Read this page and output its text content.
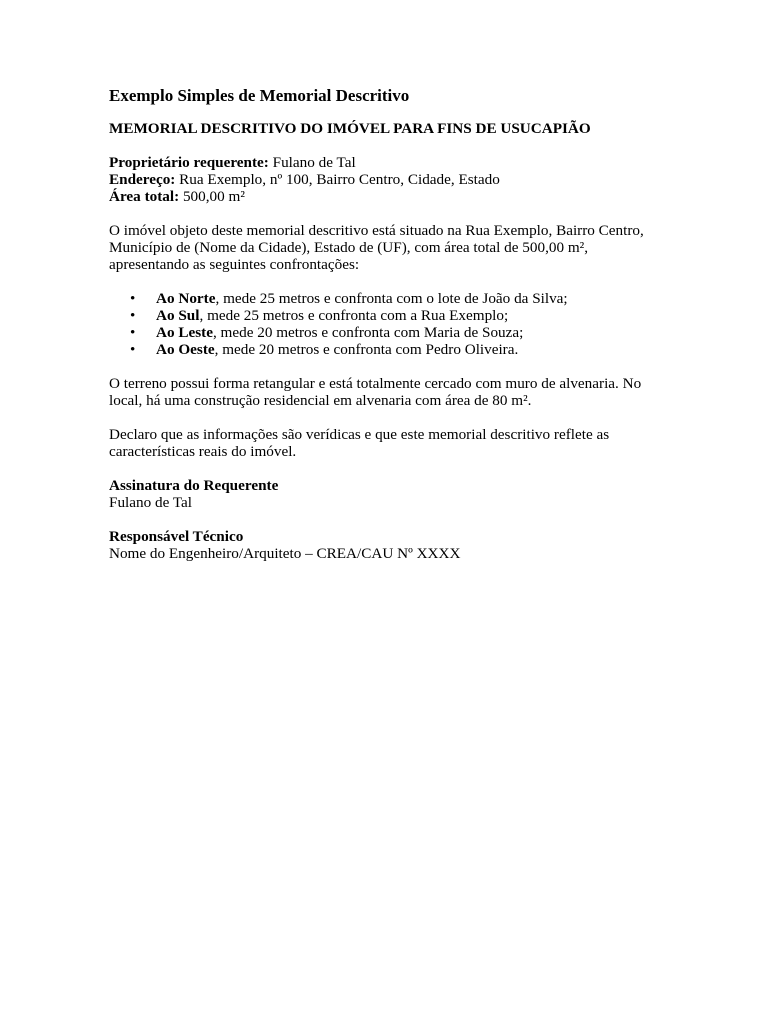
Exemplo Simples de Memorial Descritivo
MEMORIAL DESCRITIVO DO IMÓVEL PARA FINS DE USUCAPIÃO
Proprietário requerente: Fulano de Tal
Endereço: Rua Exemplo, nº 100, Bairro Centro, Cidade, Estado
Área total: 500,00 m²

O imóvel objeto deste memorial descritivo está situado na Rua Exemplo, Bairro Centro, Município de (Nome da Cidade), Estado de (UF), com área total de 500,00 m², apresentando as seguintes confrontações:

• Ao Norte, mede 25 metros e confronta com o lote de João da Silva;
• Ao Sul, mede 25 metros e confronta com a Rua Exemplo;
• Ao Leste, mede 20 metros e confronta com Maria de Souza;
• Ao Oeste, mede 20 metros e confronta com Pedro Oliveira.

O terreno possui forma retangular e está totalmente cercado com muro de alvenaria. No local, há uma construção residencial em alvenaria com área de 80 m².

Declaro que as informações são verídicas e que este memorial descritivo reflete as características reais do imóvel.

Assinatura do Requerente
Fulano de Tal
Responsável Técnico
Nome do Engenheiro/Arquiteto – CREA/CAU Nº XXXX
